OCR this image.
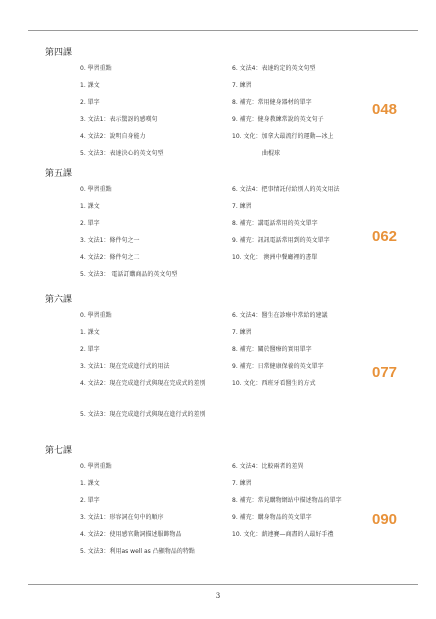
第四課
0. 學習重點
1. 課文
2. 單字
3. 文法1：表示驚訝的感嘆句
4. 文法2：說明自身能力
5. 文法3：表達決心的英文句型
6. 文法4：表達約定的英文句型
7. 練習
8. 補充：常用健身器材的單字
9. 補充：健身教練常說的英文句子
10. 文化：加拿大最流行的運動—冰上
曲棍球
048
第五課
0. 學習重點
1. 課文
2. 單字
3. 文法1：條件句之一
4. 文法2：條件句之二
5. 文法3： 電話訂購商品的英文句型
6. 文法4：把事情託付給別人的英文用法
7. 練習
8. 補充：講電話常用的英文單字
9. 補充：訊訊電話常用到的英文單字
10. 文化： 澳洲中餐廳裡的書單
062
第六課
0. 學習重點
1. 課文
2. 單字
3. 文法1：現在完成進行式的用法
4. 文法2：現在完成進行式與現在完成式的差別
5. 文法3：現在完成進行式與現在進行式的差別
6. 文法4：醫生在診療中常給的建議
7. 練習
8. 補充：關於醫療的實用單字
9. 補充：日常健康保養的英文單字
10. 文化：西班牙看醫生的方式
077
第七課
0. 學習重點
1. 課文
2. 單字
3. 文法1：形容詞在句中的順序
4. 文法2：使用感官動詞描述服飾物品
5. 文法3：利用as well as 凸顯物品的特點
6. 文法4：比較兩者的差異
7. 練習
8. 補充：常見購物網站中描述物品的單字
9. 補充：購身物品的英文單字
10. 文化：薪連賽—商盡的人最好手禮
090
3
